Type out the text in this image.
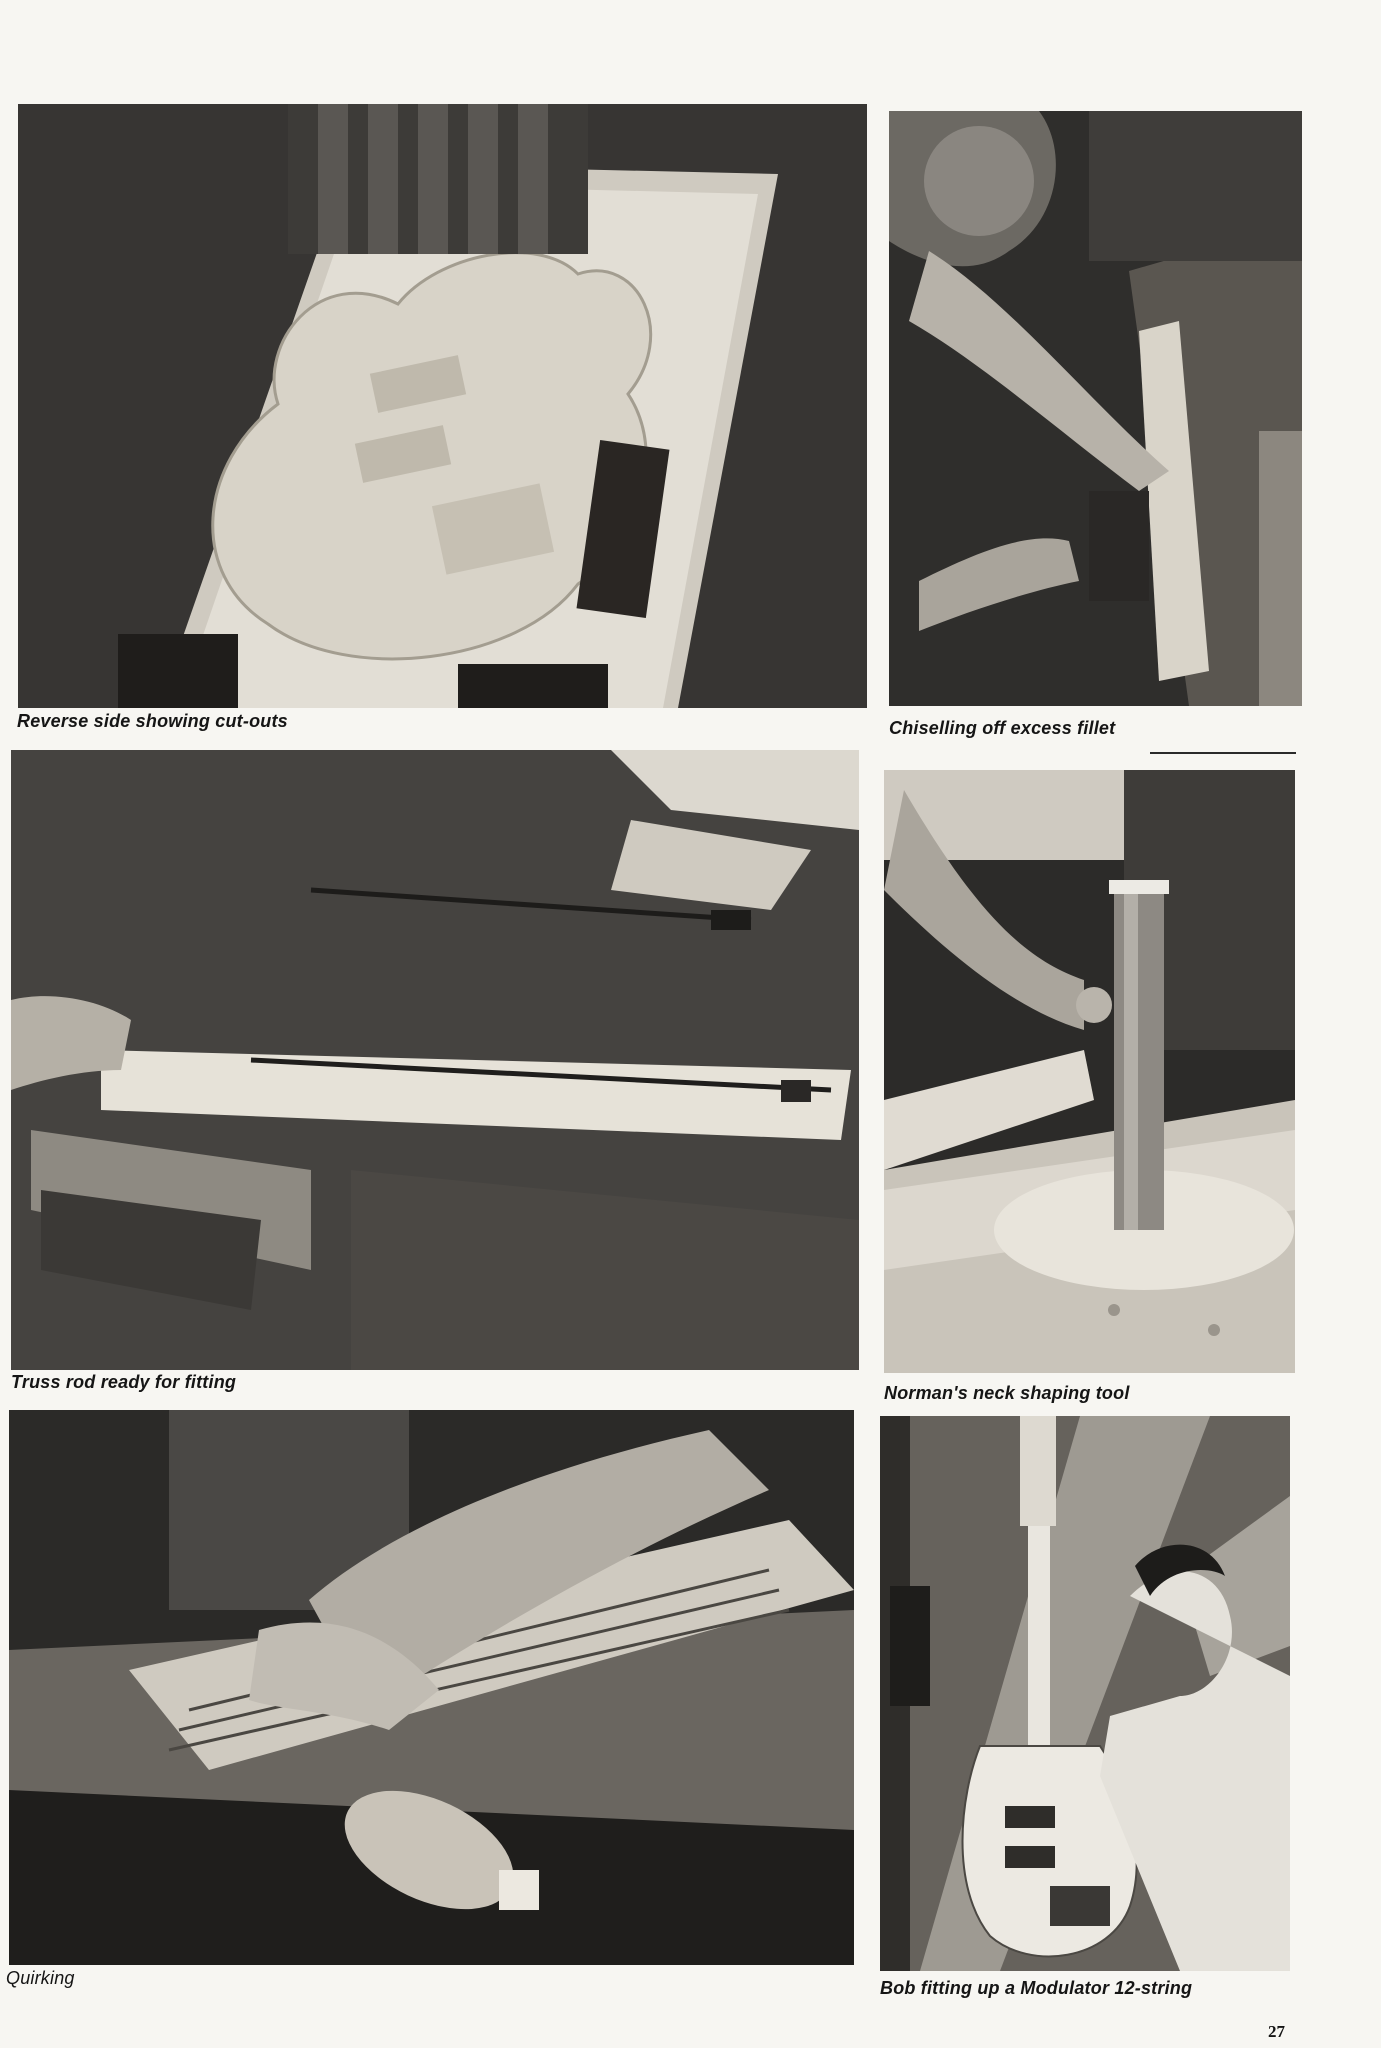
Reverse side showing cut-outs	Chiselling off excess fillet

Truss rod ready for fitting

Norman's neck shaping tool

Quirking	Bob fitting up a Modulator 12-string

27
